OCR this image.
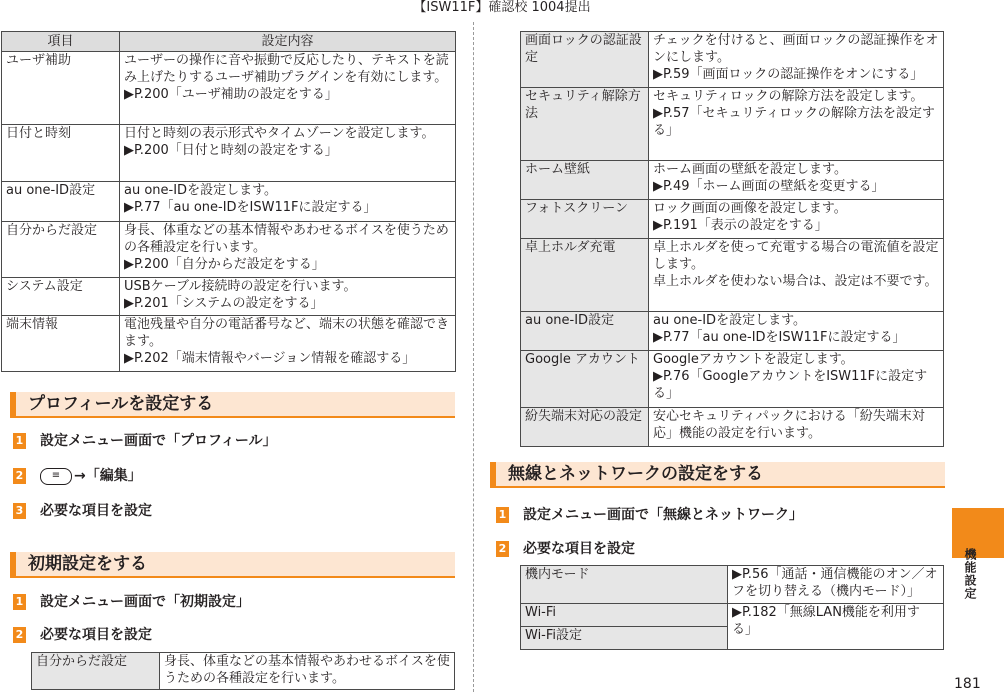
【ISW11F】確認校 1004提出
項目	設定内容
ユーザ補助	ユーザーの操作に音や振動で反応したり、テキストを読み上げたりするユーザ補助プラグインを有効にします。
▶P.200「ユーザ補助の設定をする」

日付と時刻	日付と時刻の表示形式やタイムゾーンを設定します。
▶P.200「日付と時刻の設定をする」

au one-ID設定	au one-IDを設定します。
▶P.77「au one-IDをISW11Fに設定する」

自分からだ設定	身長、体重などの基本情報やあわせるボイスを使うための各種設定を行います。
▶P.200「自分からだ設定をする」

システム設定	USBケーブル接続時の設定を行います。
▶P.201「システムの設定をする」

端末情報	電池残量や自分の電話番号など、端末の状態を確認できます。
▶P.202「端末情報やバージョン情報を確認する」
プロフィールを設定する
1 設定メニュー画面で「プロフィール」
2	≡ →「編集」
3 必要な項目を設定
初期設定をする
1 設定メニュー画面で「初期設定」
2 必要な項目を設定
自分からだ設定	身長、体重などの基本情報やあわせるボイスを使うための各種設定を行います。
画面ロックの認証設定	チェックを付けると、画面ロックの認証操作をオンにします。
▶P.59「画面ロックの認証操作をオンにする」

セキュリティ解除方法	セキュリティロックの解除方法を設定します。
▶P.57「セキュリティロックの解除方法を設定する」

ホーム壁紙	ホーム画面の壁紙を設定します。
▶P.49「ホーム画面の壁紙を変更する」

フォトスクリーン	ロック画面の画像を設定します。
▶P.191「表示の設定をする」

卓上ホルダ充電	卓上ホルダを使って充電する場合の電流値を設定します。
卓上ホルダを使わない場合は、設定は不要です。

au one-ID設定	au one-IDを設定します。
▶P.77「au one-IDをISW11Fに設定する」

Google アカウント	Googleアカウントを設定します。
▶P.76「GoogleアカウントをISW11Fに設定する」

紛失端末対応の設定	安心セキュリティパックにおける「紛失端末対応」機能の設定を行います。
無線とネットワークの設定をする
1 設定メニュー画面で「無線とネットワーク」
2 必要な項目を設定
機内モード	▶P.56「通話・通信機能のオン／オフを切り替える（機内モード）」
Wi-Fi	▶P.182「無線LAN機能を利用する」
Wi-Fi設定	
機能設定
181
